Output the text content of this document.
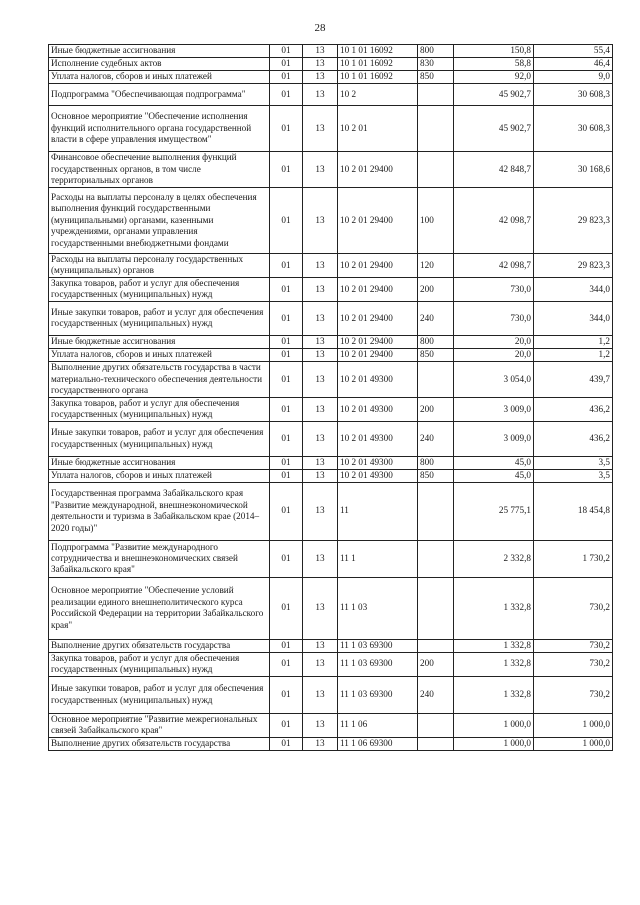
28
Иные бюджетные ассигнования	01	13	10 1 01 16092	800	150,8	55,4
Исполнение судебных актов	01	13	10 1 01 16092	830	58,8	46,4
Уплата налогов, сборов и иных платежей	01	13	10 1 01 16092	850	92,0	9,0
Подпрограмма "Обеспечивающая подпрограмма"	01	13	10 2		45 902,7	30 608,3
Основное мероприятие "Обеспечение исполнения функций исполнительного органа государственной власти в сфере управления имуществом"	01	13	10 2 01		45 902,7	30 608,3
Финансовое обеспечение выполнения функций государственных органов, в том числе территориальных органов	01	13	10 2 01 29400		42 848,7	30 168,6
Расходы на выплаты персоналу в целях обеспечения выполнения функций государственными (муниципальными) органами, казенными учреждениями, органами управления государственными внебюджетными фондами	01	13	10 2 01 29400	100	42 098,7	29 823,3
Расходы на выплаты персоналу государственных (муниципальных) органов	01	13	10 2 01 29400	120	42 098,7	29 823,3
Закупка товаров, работ и услуг для обеспечения государственных (муниципальных) нужд	01	13	10 2 01 29400	200	730,0	344,0
Иные закупки товаров, работ и услуг для обеспечения государственных (муниципальных) нужд	01	13	10 2 01 29400	240	730,0	344,0
Иные бюджетные ассигнования	01	13	10 2 01 29400	800	20,0	1,2
Уплата налогов, сборов и иных платежей	01	13	10 2 01 29400	850	20,0	1,2
Выполнение других обязательств государства в части материально-технического обеспечения деятельности государственного органа	01	13	10 2 01 49300		3 054,0	439,7
Закупка товаров, работ и услуг для обеспечения государственных (муниципальных) нужд	01	13	10 2 01 49300	200	3 009,0	436,2
Иные закупки товаров, работ и услуг для обеспечения государственных (муниципальных) нужд	01	13	10 2 01 49300	240	3 009,0	436,2
Иные бюджетные ассигнования	01	13	10 2 01 49300	800	45,0	3,5
Уплата налогов, сборов и иных платежей	01	13	10 2 01 49300	850	45,0	3,5
Государственная программа Забайкальского края "Развитие международной, внешнеэкономической деятельности и туризма в Забайкальском крае (2014–2020 годы)"	01	13	11		25 775,1	18 454,8
Подпрограмма "Развитие международного сотрудничества и внешнеэкономических связей Забайкальского края"	01	13	11 1		2 332,8	1 730,2
Основное мероприятие "Обеспечение условий реализации единого внешнеполитического курса Российской Федерации на территории Забайкальского края"	01	13	11 1 03		1 332,8	730,2
Выполнение других обязательств государства	01	13	11 1 03 69300		1 332,8	730,2
Закупка товаров, работ и услуг для обеспечения государственных (муниципальных) нужд	01	13	11 1 03 69300	200	1 332,8	730,2
Иные закупки товаров, работ и услуг для обеспечения государственных (муниципальных) нужд	01	13	11 1 03 69300	240	1 332,8	730,2
Основное мероприятие "Развитие межрегиональных связей Забайкальского края"	01	13	11 1 06		1 000,0	1 000,0
Выполнение других обязательств государства	01	13	11 1 06 69300		1 000,0	1 000,0
